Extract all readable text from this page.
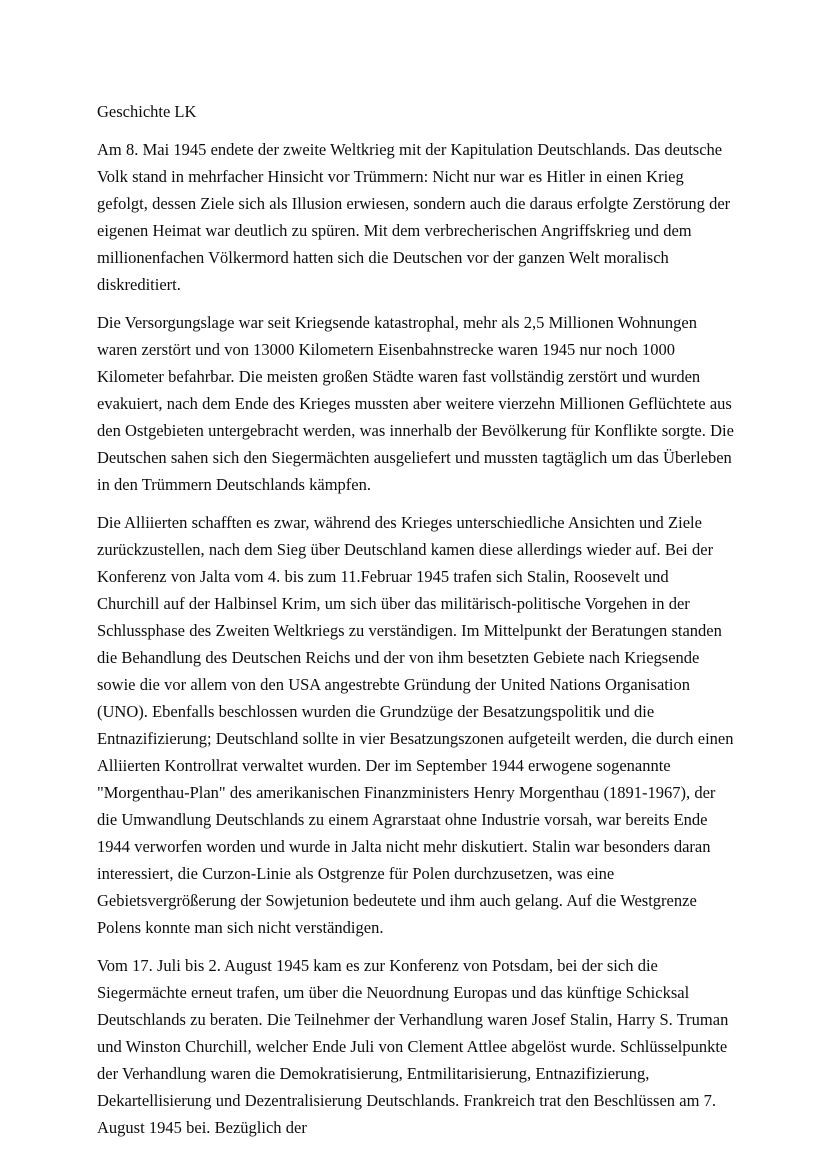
Geschichte LK

Am 8. Mai 1945 endete der zweite Weltkrieg mit der Kapitulation Deutschlands. Das deutsche Volk stand in mehrfacher Hinsicht vor Trümmern: Nicht nur war es Hitler in einen Krieg gefolgt, dessen Ziele sich als Illusion erwiesen, sondern auch die daraus erfolgte Zerstörung der eigenen Heimat war deutlich zu spüren. Mit dem verbrecherischen Angriffskrieg und dem millionenfachen Völkermord hatten sich die Deutschen vor der ganzen Welt moralisch diskreditiert.

Die Versorgungslage war seit Kriegsende katastrophal, mehr als 2,5 Millionen Wohnungen waren zerstört und von 13000 Kilometern Eisenbahnstrecke waren 1945 nur noch 1000 Kilometer befahrbar. Die meisten großen Städte waren fast vollständig zerstört und wurden evakuiert, nach dem Ende des Krieges mussten aber weitere vierzehn Millionen Geflüchtete aus den Ostgebieten untergebracht werden, was innerhalb der Bevölkerung für Konflikte sorgte. Die Deutschen sahen sich den Siegermächten ausgeliefert und mussten tagtäglich um das Überleben in den Trümmern Deutschlands kämpfen.

Die Alliierten schafften es zwar, während des Krieges unterschiedliche Ansichten und Ziele zurückzustellen, nach dem Sieg über Deutschland kamen diese allerdings wieder auf. Bei der Konferenz von Jalta vom 4. bis zum 11.Februar 1945 trafen sich Stalin, Roosevelt und Churchill auf der Halbinsel Krim, um sich über das militärisch-politische Vorgehen in der Schlussphase des Zweiten Weltkriegs zu verständigen. Im Mittelpunkt der Beratungen standen die Behandlung des Deutschen Reichs und der von ihm besetzten Gebiete nach Kriegsende sowie die vor allem von den USA angestrebte Gründung der United Nations Organisation (UNO). Ebenfalls beschlossen wurden die Grundzüge der Besatzungspolitik und die Entnazifizierung; Deutschland sollte in vier Besatzungszonen aufgeteilt werden, die durch einen Alliierten Kontrollrat verwaltet wurden. Der im September 1944 erwogene sogenannte "Morgenthau-Plan" des amerikanischen Finanzministers Henry Morgenthau (1891-1967), der die Umwandlung Deutschlands zu einem Agrarstaat ohne Industrie vorsah, war bereits Ende 1944 verworfen worden und wurde in Jalta nicht mehr diskutiert. Stalin war besonders daran interessiert, die Curzon-Linie als Ostgrenze für Polen durchzusetzen, was eine Gebietsvergrößerung der Sowjetunion bedeutete und ihm auch gelang. Auf die Westgrenze Polens konnte man sich nicht verständigen.

Vom 17. Juli bis 2. August 1945 kam es zur Konferenz von Potsdam, bei der sich die Siegermächte erneut trafen, um über die Neuordnung Europas und das künftige Schicksal Deutschlands zu beraten. Die Teilnehmer der Verhandlung waren Josef Stalin, Harry S. Truman und Winston Churchill, welcher Ende Juli von Clement Attlee abgelöst wurde. Schlüsselpunkte der Verhandlung waren die Demokratisierung, Entmilitarisierung, Entnazifizierung, Dekartellisierung und Dezentralisierung Deutschlands. Frankreich trat den Beschlüssen am 7. August 1945 bei. Bezüglich der
